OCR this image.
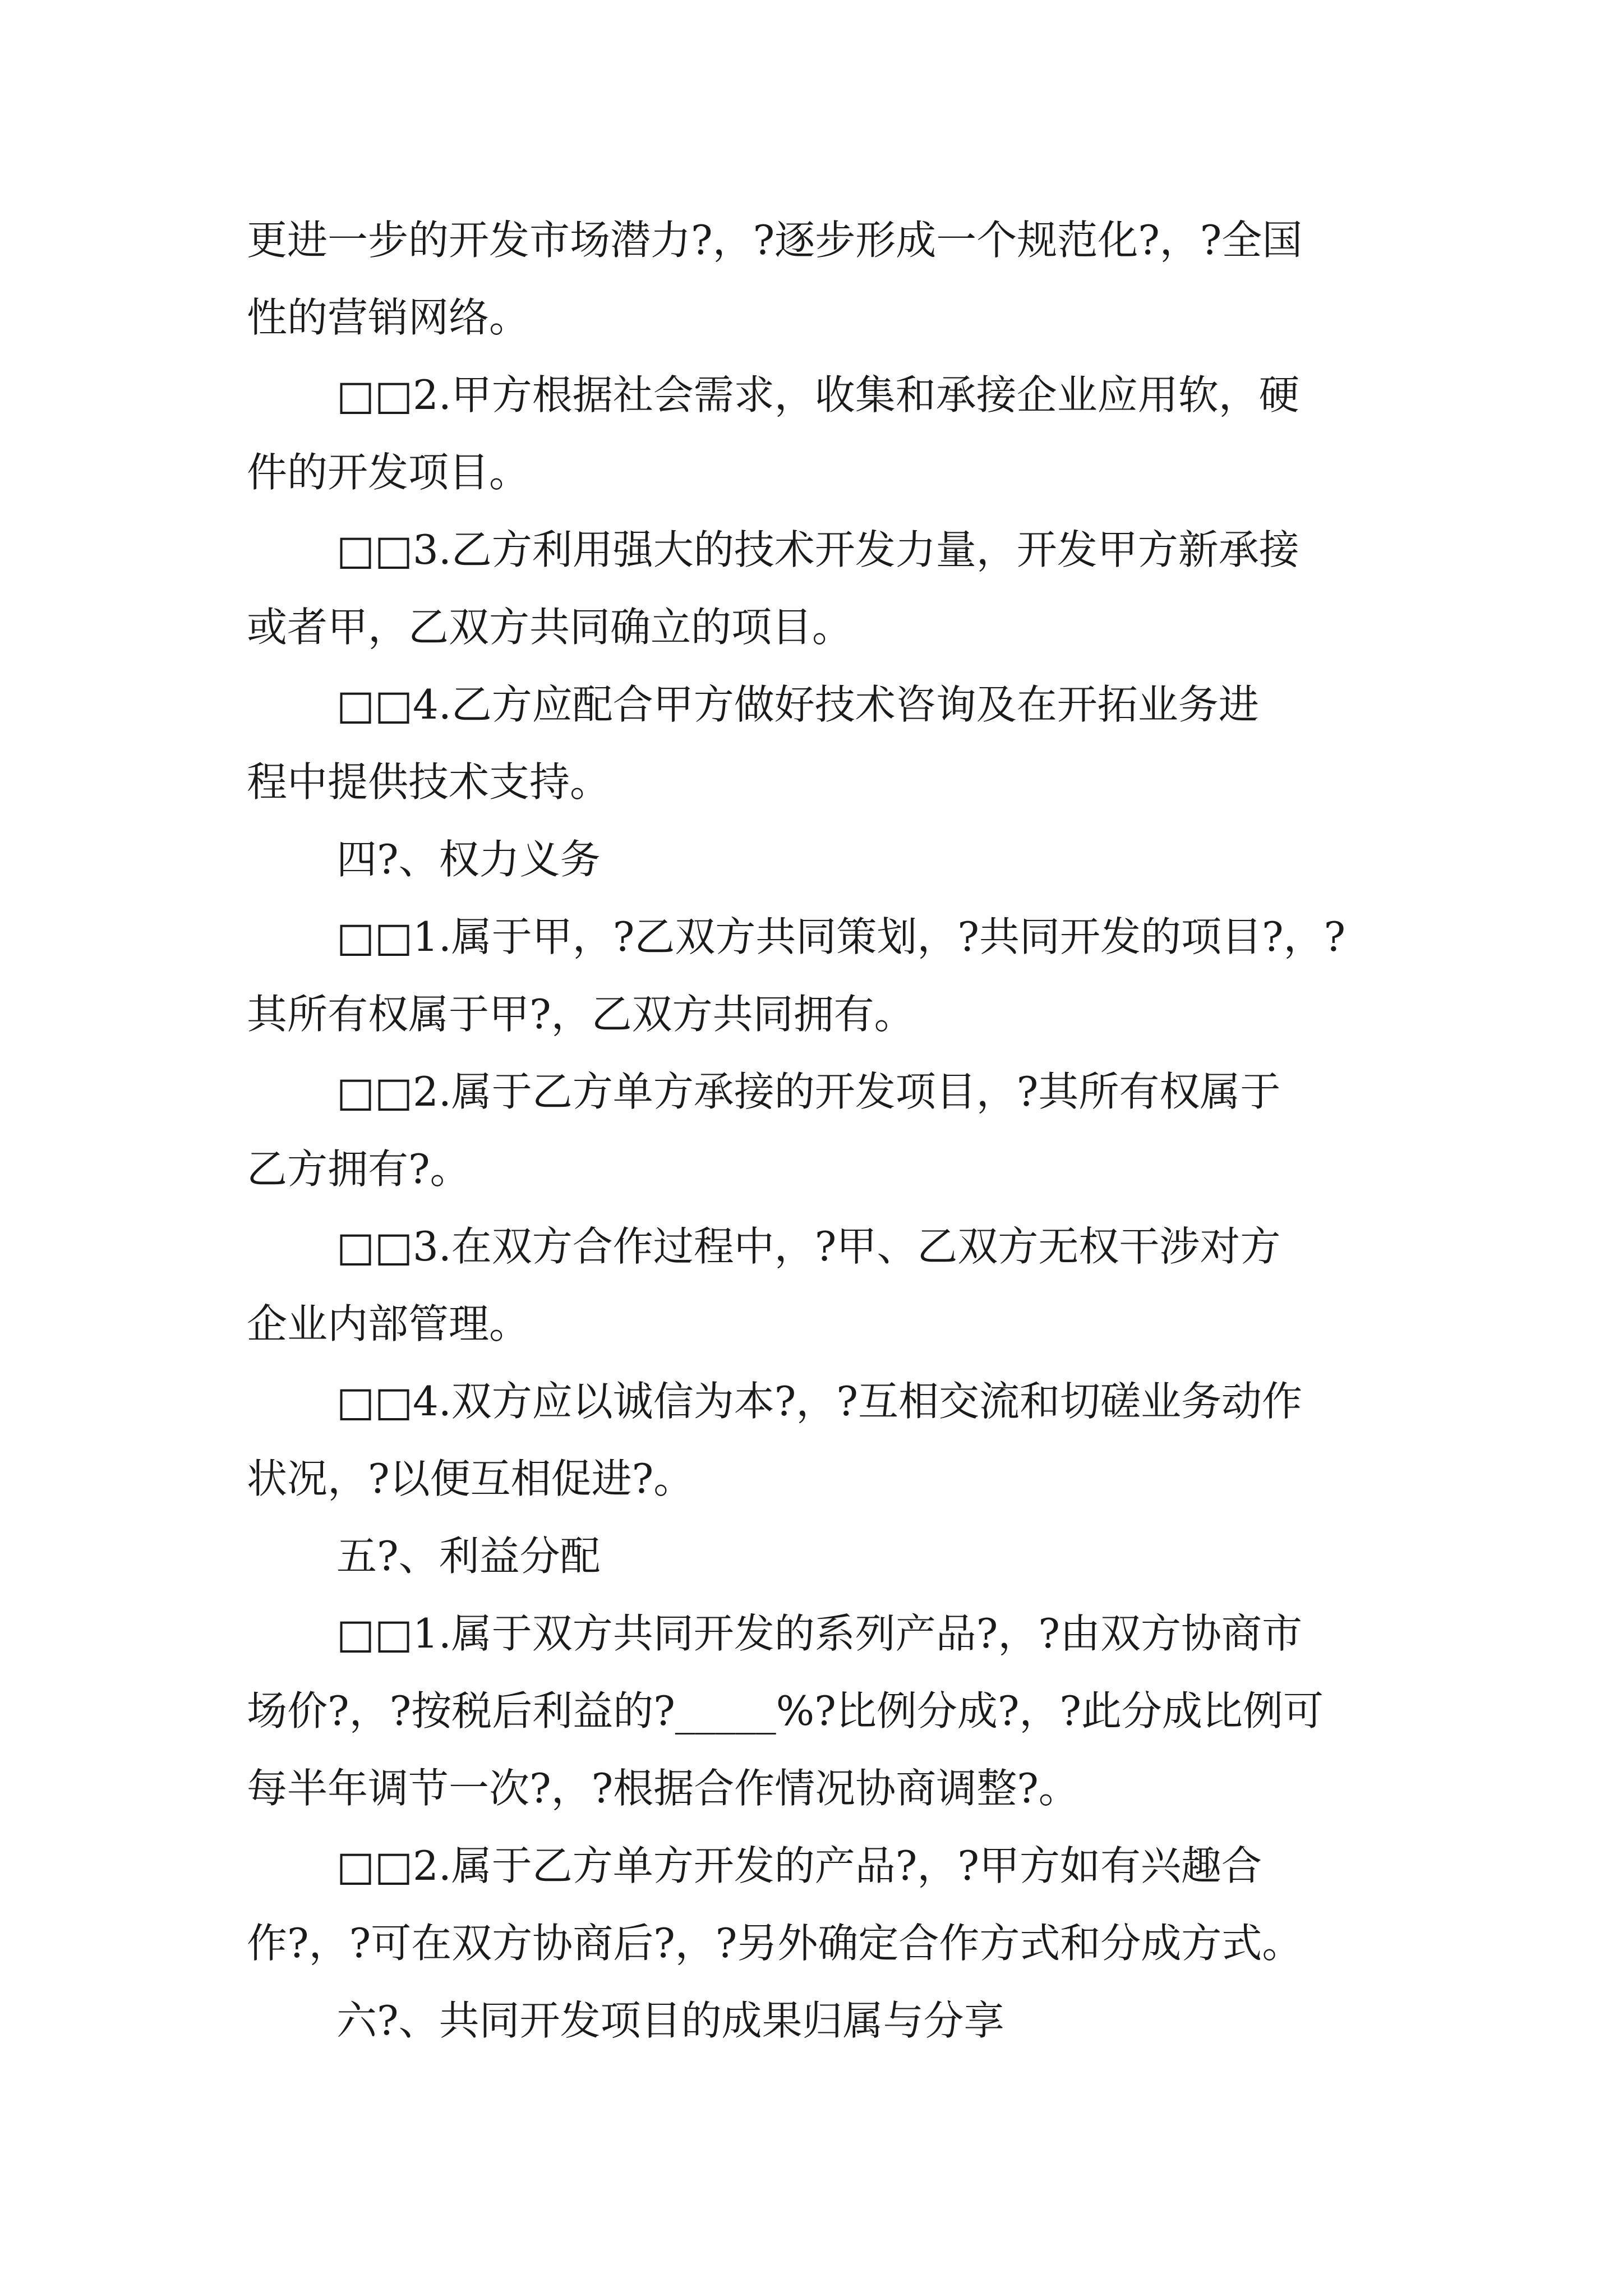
更进一步的开发市场潜力?，?逐步形成一个规范化?，?全国
性的营销网络。
□□2.甲方根据社会需求，收集和承接企业应用软，硬
件的开发项目。
□□3.乙方利用强大的技术开发力量，开发甲方新承接
或者甲，乙双方共同确立的项目。
□□4.乙方应配合甲方做好技术咨询及在开拓业务进
程中提供技术支持。
四?、权力义务
□□1.属于甲，?乙双方共同策划，?共同开发的项目?，?
其所有权属于甲?，乙双方共同拥有。
□□2.属于乙方单方承接的开发项目，?其所有权属于
乙方拥有?。
□□3.在双方合作过程中，?甲、乙双方无权干涉对方
企业内部管理。
□□4.双方应以诚信为本?，?互相交流和切磋业务动作
状况，?以便互相促进?。
五?、利益分配
□□1.属于双方共同开发的系列产品?，?由双方协商市
场价?，?按税后利益的?_____%?比例分成?，?此分成比例可
每半年调节一次?，?根据合作情况协商调整?。
□□2.属于乙方单方开发的产品?，?甲方如有兴趣合
作?，?可在双方协商后?，?另外确定合作方式和分成方式。
六?、共同开发项目的成果归属与分享
